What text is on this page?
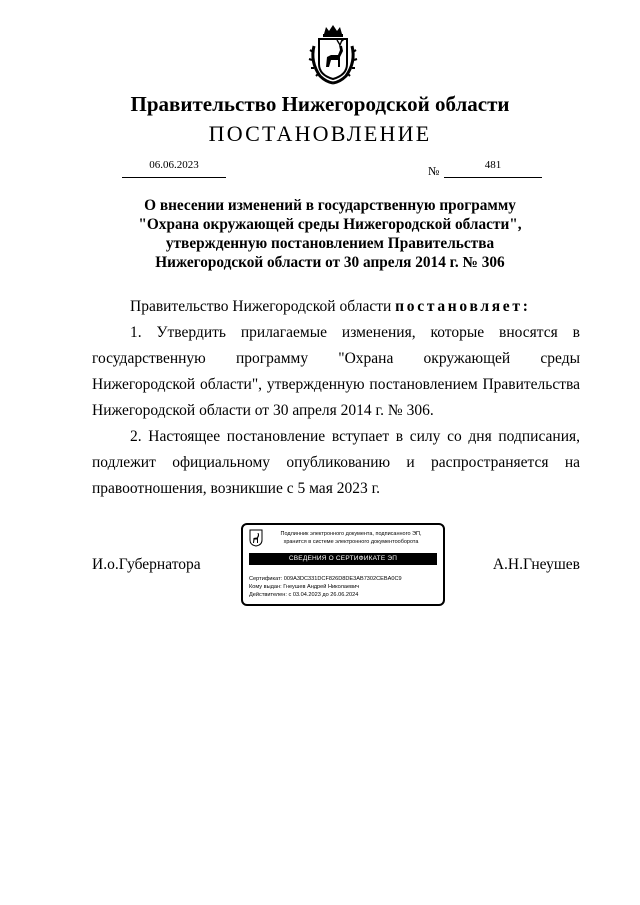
Правительство Нижегородской области
ПОСТАНОВЛЕНИЕ
06.06.2023	№	481
О внесении изменений в государственную программу
"Охрана окружающей среды Нижегородской области",
утвержденную постановлением Правительства
Нижегородской области от 30 апреля 2014 г. № 306
Правительство Нижегородской области постановляет:
1. Утвердить прилагаемые изменения, которые вносятся в государственную программу "Охрана окружающей среды Нижегородской области", утвержденную постановлением Правительства Нижегородской области от 30 апреля 2014 г. № 306.
2. Настоящее постановление вступает в силу со дня подписания, подлежит официальному опубликованию и распространяется на правоотношения, возникшие с 5 мая 2023 г.
И.о.Губернатора	А.Н.Гнеушев
Подлинник электронного документа, подписанного ЭП,
хранится в системе электронного документооборота
СВЕДЕНИЯ О СЕРТИФИКАТЕ ЭП
Сертификат: 009A3DC331DCF826D8DE3AB7302CEBA0C9
Кому выдан: Гнеушев Андрей Николаевич
Действителен: с 03.04.2023 до 26.06.2024
